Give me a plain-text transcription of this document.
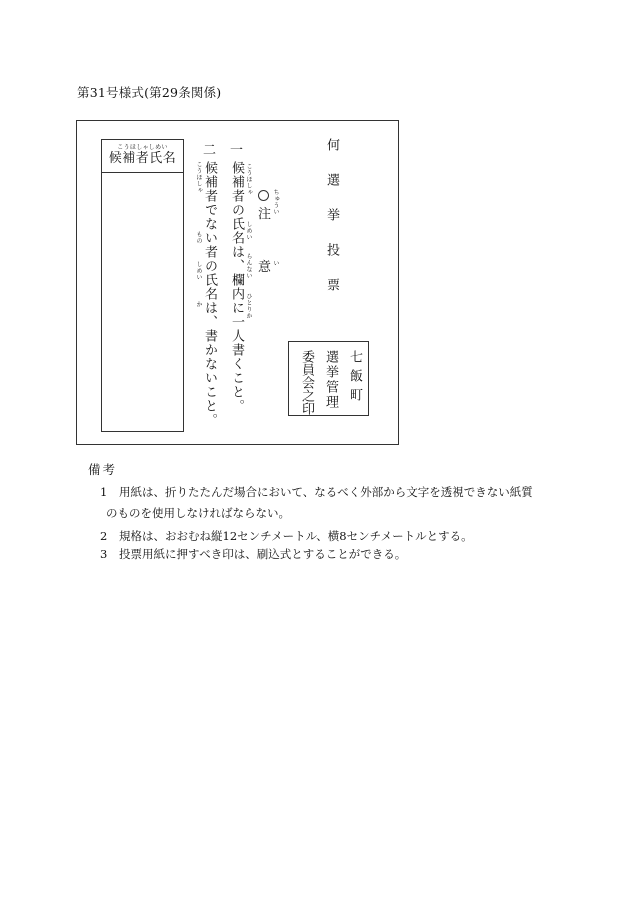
第31号様式(第29条関係)
こうほしゃしめい
候補者氏名
二
候補者でない者の氏名は、書かないこと。
こうほしゃ
もの
しめい
か
一
候補者の氏名は、欄内に一人書くこと。 こうほしゃ
しめい
らんない
ひとりか
注 ちゅうい
意 い	何選挙投票
七飯町
選挙管理
委員会之印
備考
1 用紙は、折りたたんだ場合において、なるべく外部から文字を透視できない紙質
のものを使用しなければならない。
2 規格は、おおむね縦12センチメートル、横8センチメートルとする。
3 投票用紙に押すべき印は、刷込式とすることができる。
